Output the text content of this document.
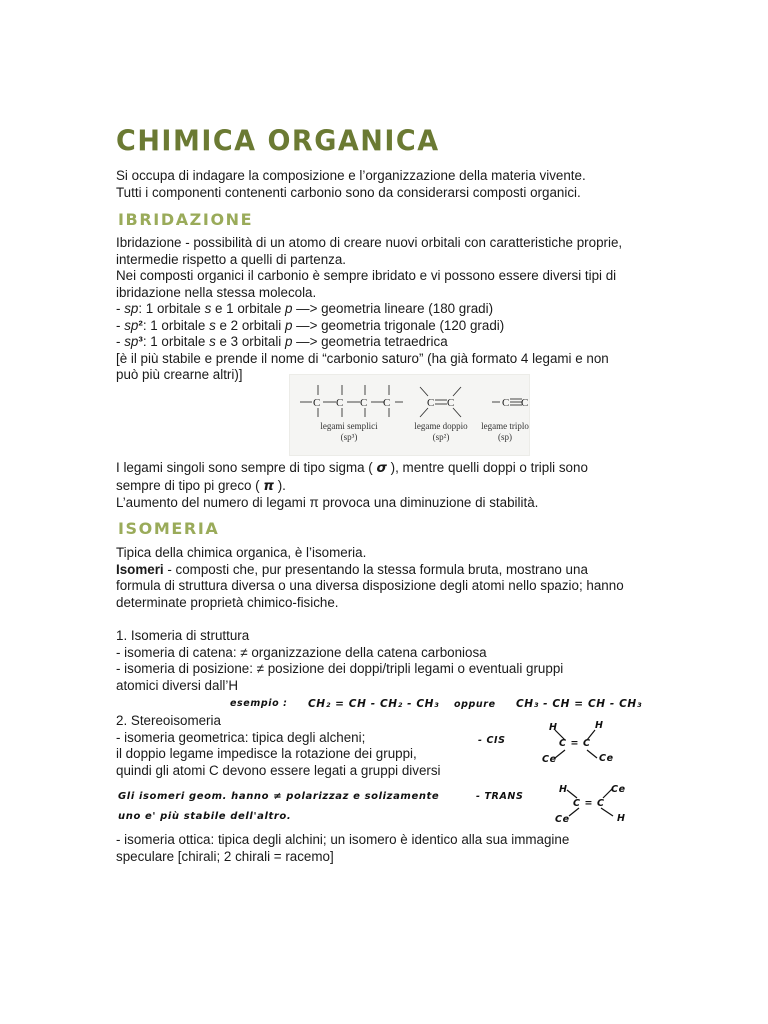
CHIMICA ORGANICA

Si occupa di indagare la composizione e l’organizzazione della materia vivente.

Tutti i componenti contenenti carbonio sono da considerarsi composti organici.

IBRIDAZIONE

Ibridazione - possibilità di un atomo di creare nuovi orbitali con caratteristiche proprie,

intermedie rispetto a quelli di partenza.

Nei composti organici il carbonio è sempre ibridato e vi possono essere diversi tipi di

ibridazione nella stessa molecola.

- sp: 1 orbitale s e 1 orbitale p —> geometria lineare (180 gradi)

- sp²: 1 orbitale s e 2 orbitali p —> geometria trigonale (120 gradi)

- sp³: 1 orbitale s e 3 orbitali p —> geometria tetraedrica

[è il più stabile e prende il nome di “carbonio saturo” (ha già formato 4 legami e non

può più crearne altri)]

C C C C	C C	C C
legami semplici
(sp³)
legame doppio
(sp²)
legame triplo
(sp)

I legami singoli sono sempre di tipo sigma ( σ ), mentre quelli doppi o tripli sono

sempre di tipo pi greco ( π ).

L’aumento del numero di legami π provoca una diminuzione di stabilità.

ISOMERIA

Tipica della chimica organica, è l’isomeria.

Isomeri - composti che, pur presentando la stessa formula bruta, mostrano una

formula di struttura diversa o una diversa disposizione degli atomi nello spazio; hanno

determinate proprietà chimico-fisiche.

1. Isomeria di struttura

- isomeria di catena: ≠ organizzazione della catena carboniosa

- isomeria di posizione: ≠ posizione dei doppi/tripli legami o eventuali gruppi

atomici diversi dall’H

esempio : CH₂ = CH - CH₂ - CH₃ oppure CH₃ - CH = CH - CH₃

2. Stereoisomeria

- isomeria geometrica: tipica degli alcheni;

il doppio legame impedisce la rotazione dei gruppi,

quindi gli atomi C devono essere legati a gruppi diversi

Gli isomeri geom. hanno ≠ polarizzaz e solizamente
uno e' più stabile dell'altro.
- CIS
- TRANS
H	H
C = C
Ce	Ce
H	Ce
C = C
Ce	H

- isomeria ottica: tipica degli alchini; un isomero è identico alla sua immagine

speculare [chirali; 2 chirali = racemo]
